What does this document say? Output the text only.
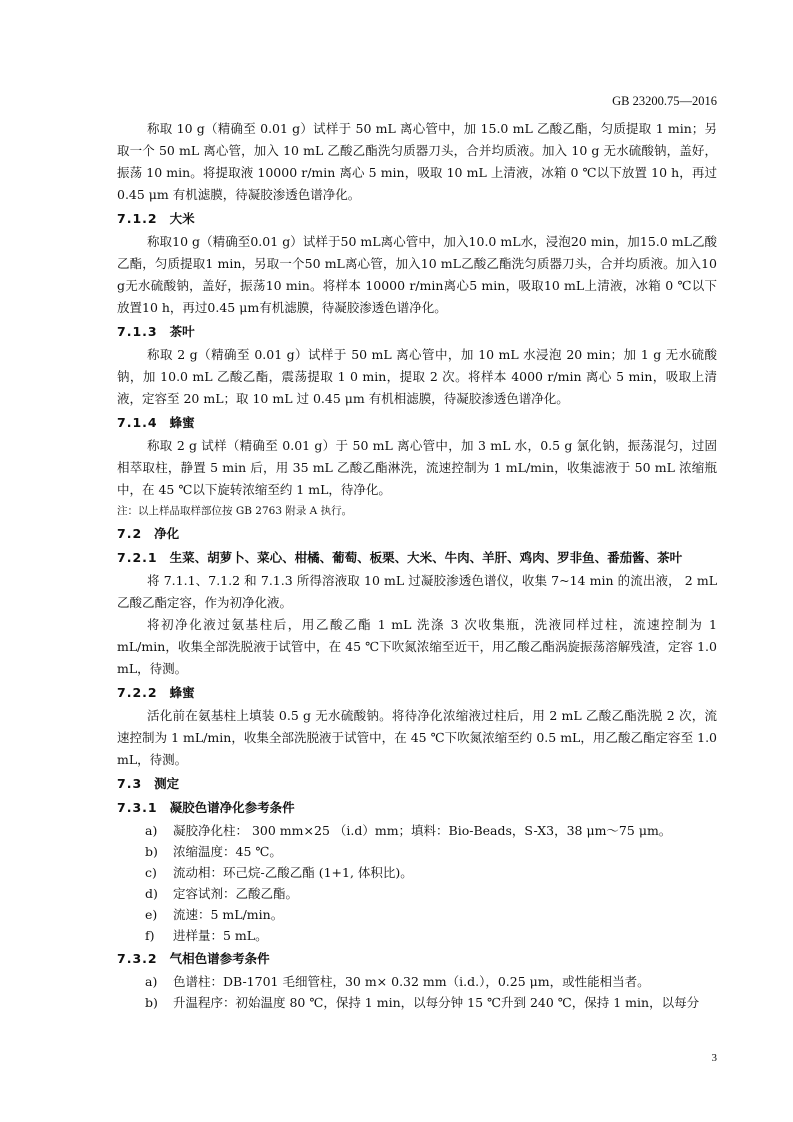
GB 23200.75—2016

称取 10 g（精确至 0.01 g）试样于 50 mL 离心管中，加 15.0 mL 乙酸乙酯，匀质提取 1 min；另取一个 50 mL 离心管，加入 10 mL 乙酸乙酯洗匀质器刀头，合并均质液。加入 10 g 无水硫酸钠，盖好，振荡 10 min。将提取液 10000 r/min 离心 5 min，吸取 10 mL 上清液，冰箱 0 ℃以下放置 10 h，再过 0.45 μm 有机滤膜，待凝胶渗透色谱净化。

7.1.2 大米

称取10 g（精确至0.01 g）试样于50 mL离心管中，加入10.0 mL水，浸泡20 min，加15.0 mL乙酸乙酯，匀质提取1 min，另取一个50 mL离心管，加入10 mL乙酸乙酯洗匀质器刀头，合并均质液。加入10 g无水硫酸钠，盖好，振荡10 min。将样本 10000 r/min离心5 min，吸取10 mL上清液，冰箱 0 ℃以下放置10 h，再过0.45 μm有机滤膜，待凝胶渗透色谱净化。

7.1.3 茶叶

称取 2 g（精确至 0.01 g）试样于 50 mL 离心管中，加 10 mL 水浸泡 20 min；加 1 g 无水硫酸钠，加 10.0 mL 乙酸乙酯，震荡提取 1 0 min，提取 2 次。将样本 4000 r/min 离心 5 min，吸取上清液，定容至 20 mL；取 10 mL 过 0.45 μm 有机相滤膜，待凝胶渗透色谱净化。

7.1.4 蜂蜜

称取 2 g 试样（精确至 0.01 g）于 50 mL 离心管中，加 3 mL 水，0.5 g 氯化钠，振荡混匀，过固相萃取柱，静置 5 min 后，用 35 mL 乙酸乙酯淋洗，流速控制为 1 mL/min，收集滤液于 50 mL 浓缩瓶中，在 45 ℃以下旋转浓缩至约 1 mL，待净化。

注：以上样品取样部位按 GB 2763 附录 A 执行。

7.2 净化
7.2.1 生菜、胡萝卜、菜心、柑橘、葡萄、板栗、大米、牛肉、羊肝、鸡肉、罗非鱼、番茄酱、茶叶

将 7.1.1、7.1.2 和 7.1.3 所得溶液取 10 mL 过凝胶渗透色谱仪，收集 7~14 min 的流出液， 2 mL 乙酸乙酯定容，作为初净化液。

将初净化液过氨基柱后，用乙酸乙酯 1 mL 洗涤 3 次收集瓶，洗液同样过柱，流速控制为 1 mL/min，收集全部洗脱液于试管中，在 45 ℃下吹氮浓缩至近干，用乙酸乙酯涡旋振荡溶解残渣，定容 1.0 mL，待测。

7.2.2 蜂蜜

活化前在氨基柱上填装 0.5 g 无水硫酸钠。将待净化浓缩液过柱后，用 2 mL 乙酸乙酯洗脱 2 次，流速控制为 1 mL/min，收集全部洗脱液于试管中，在 45 ℃下吹氮浓缩至约 0.5 mL，用乙酸乙酯定容至 1.0 mL，待测。

7.3 测定
7.3.1 凝胶色谱净化参考条件
a)	凝胶净化柱： 300 mm×25 （i.d）mm；填料：Bio-Beads，S-X3，38 μm～75 μm。
b)	浓缩温度：45 ℃。
c)	流动相：环己烷-乙酸乙酯 (1+1, 体积比)。
d)	定容试剂：乙酸乙酯。
e)	流速：5 mL/min。
f)	进样量：5 mL。
7.3.2 气相色谱参考条件
a)	色谱柱：DB-1701 毛细管柱，30 m× 0.32 mm（i.d.），0.25 μm，或性能相当者。
b)	升温程序：初始温度 80 ℃，保持 1 min，以每分钟 15 ℃升到 240 ℃，保持 1 min，以每分
3
